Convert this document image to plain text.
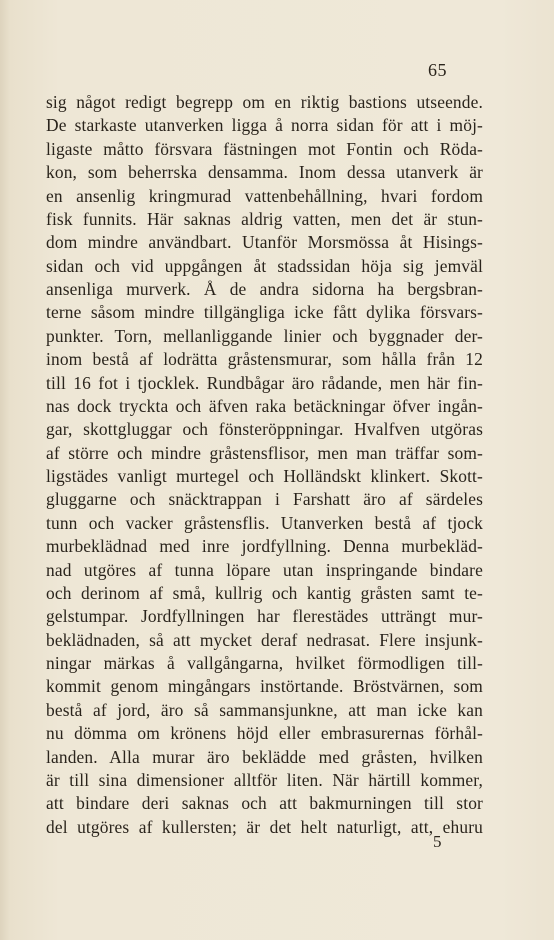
65
sig något redigt begrepp om en riktig bastions utseende.
De starkaste utanverken ligga å norra sidan för att i möj-
ligaste måtto försvara fästningen mot Fontin och Röda-
kon, som beherrska densamma. Inom dessa utanverk är
en ansenlig kringmurad vattenbehållning, hvari fordom
fisk funnits. Här saknas aldrig vatten, men det är stun-
dom mindre användbart. Utanför Morsmössa åt Hisings-
sidan och vid uppgången åt stadssidan höja sig jemväl
ansenliga murverk. Å de andra sidorna ha bergsbran-
terne såsom mindre tillgängliga icke fått dylika försvars-
punkter. Torn, mellanliggande linier och byggnader der-
inom bestå af lodrätta gråstensmurar, som hålla från 12
till 16 fot i tjocklek. Rundbågar äro rådande, men här fin-
nas dock tryckta och äfven raka betäckningar öfver ingån-
gar, skottgluggar och fönsteröppningar. Hvalfven utgöras
af större och mindre gråstensflisor, men man träffar som-
ligstädes vanligt murtegel och Holländskt klinkert. Skott-
gluggarne och snäcktrappan i Farshatt äro af särdeles
tunn och vacker gråstensflis. Utanverken bestå af tjock
murbeklädnad med inre jordfyllning. Denna murbekläd-
nad utgöres af tunna löpare utan inspringande bindare
och derinom af små, kullrig och kantig gråsten samt te-
gelstumpar. Jordfyllningen har flerestädes utträngt mur-
beklädnaden, så att mycket deraf nedrasat. Flere insjunk-
ningar märkas å vallgångarna, hvilket förmodligen till-
kommit genom mingångars instörtande. Bröstvärnen, som
bestå af jord, äro så sammansjunkne, att man icke kan
nu dömma om krönens höjd eller embrasurernas förhål-
landen. Alla murar äro beklädde med gråsten, hvilken
är till sina dimensioner alltför liten. När härtill kommer,
att bindare deri saknas och att bakmurningen till stor
del utgöres af kullersten; är det helt naturligt, att, ehuru
5
